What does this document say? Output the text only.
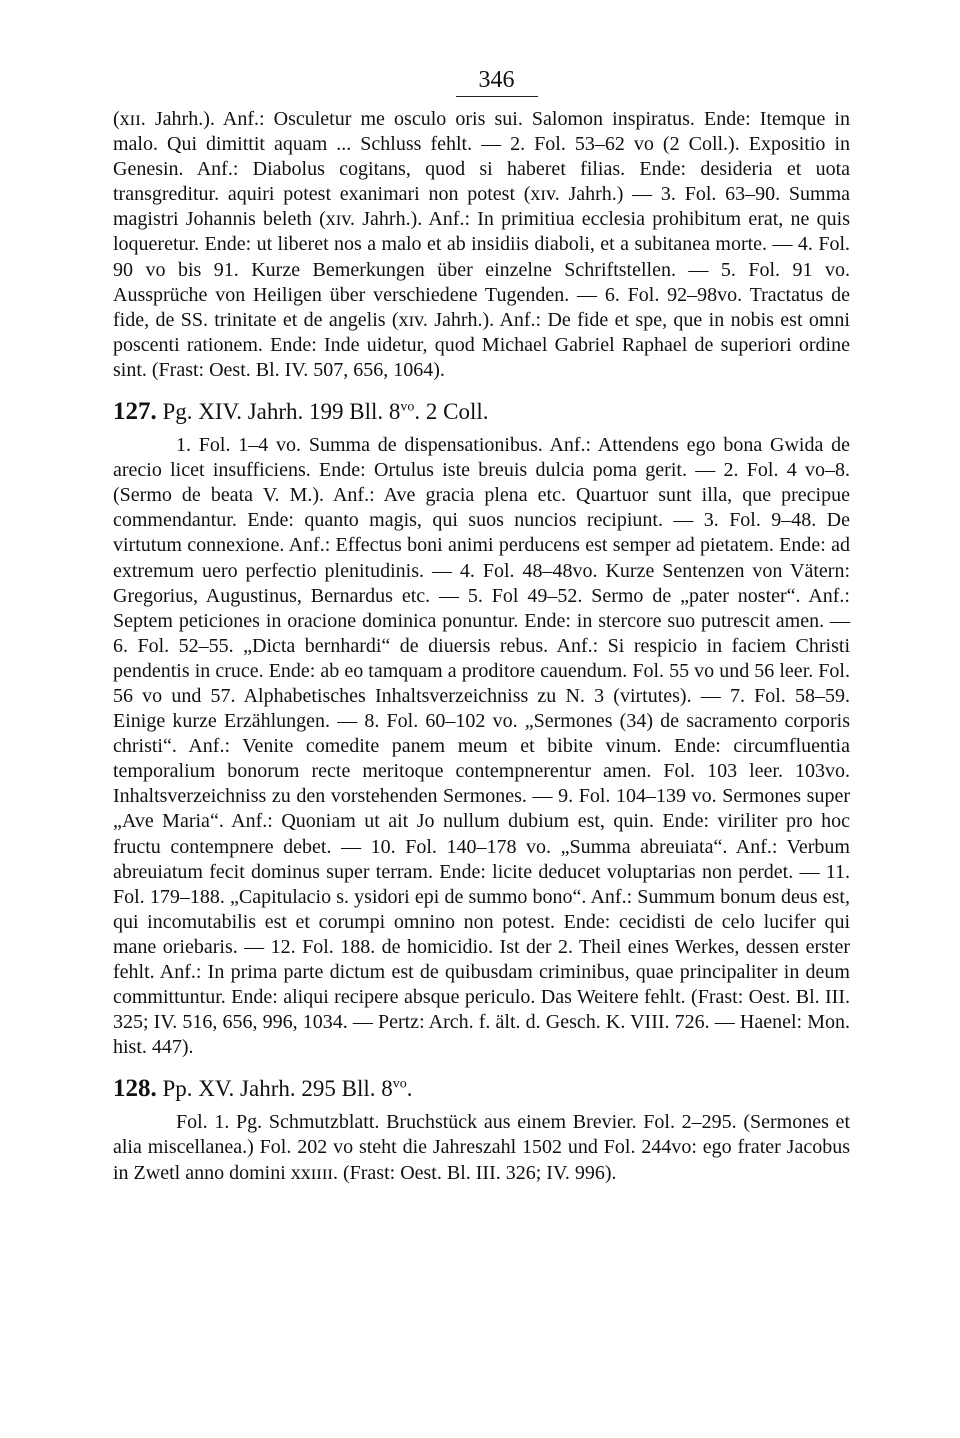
346

(xɪɪ. Jahrh.). Anf.: Osculetur me osculo oris sui. Salomon inspiratus. Ende: Itemque in malo. Qui dimittit aquam ... Schluss fehlt. — 2. Fol. 53–62 vo (2 Coll.). Expositio in Genesin. Anf.: Diabolus cogitans, quod si haberet filias. Ende: desideria et uota transgreditur. aquiri potest exanimari non potest (xɪv. Jahrh.) — 3. Fol. 63–90. Summa magistri Johannis beleth (xɪv. Jahrh.). Anf.: In primitiua ecclesia prohibitum erat, ne quis loqueretur. Ende: ut liberet nos a malo et ab insidiis diaboli, et a subitanea morte. — 4. Fol. 90 vo bis 91. Kurze Bemerkungen über einzelne Schriftstellen. — 5. Fol. 91 vo. Aussprüche von Heiligen über verschiedene Tugenden. — 6. Fol. 92–98vo. Tractatus de fide, de SS. trinitate et de angelis (xɪv. Jahrh.). Anf.: De fide et spe, que in nobis est omni poscenti rationem. Ende: Inde uidetur, quod Michael Gabriel Raphael de superiori ordine sint. (Frast: Oest. Bl. IV. 507, 656, 1064).

127. Pg. XIV. Jahrh. 199 Bll. $8^{vo}$. 2 Coll.

1. Fol. 1–4 vo. Summa de dispensationibus. Anf.: Attendens ego bona Gwida de arecio licet insufficiens. Ende: Ortulus iste breuis dulcia poma gerit. — 2. Fol. 4 vo–8. (Sermo de beata V. M.). Anf.: Ave gracia plena etc. Quartuor sunt illa, que precipue commendantur. Ende: quanto magis, qui suos nuncios recipiunt. — 3. Fol. 9–48. De virtutum connexione. Anf.: Effectus boni animi perducens est semper ad pietatem. Ende: ad extremum uero perfectio plenitudinis. — 4. Fol. 48–48vo. Kurze Sentenzen von Vätern: Gregorius, Augustinus, Bernardus etc. — 5. Fol 49–52. Sermo de „pater noster“. Anf.: Septem peticiones in oracione dominica ponuntur. Ende: in stercore suo putrescit amen. — 6. Fol. 52–55. „Dicta bernhardi“ de diuersis rebus. Anf.: Si respicio in faciem Christi pendentis in cruce. Ende: ab eo tamquam a proditore cauendum. Fol. 55 vo und 56 leer. Fol. 56 vo und 57. Alphabetisches Inhaltsverzeichniss zu N. 3 (virtutes). — 7. Fol. 58–59. Einige kurze Erzählungen. — 8. Fol. 60–102 vo. „Sermones (34) de sacramento corporis christi“. Anf.: Venite comedite panem meum et bibite vinum. Ende: circumfluentia temporalium bonorum recte meritoque contempnerentur amen. Fol. 103 leer. 103vo. Inhaltsverzeichniss zu den vorstehenden Sermones. — 9. Fol. 104–139 vo. Sermones super „Ave Maria“. Anf.: Quoniam ut ait Jo nullum dubium est, quin. Ende: viriliter pro hoc fructu contempnere debet. — 10. Fol. 140–178 vo. „Summa abreuiata“. Anf.: Verbum abreuiatum fecit dominus super terram. Ende: licite deducet voluptarias non perdet. — 11. Fol. 179–188. „Capitulacio s. ysidori epi de summo bono“. Anf.: Summum bonum deus est, qui incomutabilis est et corumpi omnino non potest. Ende: cecidisti de celo lucifer qui mane oriebaris. — 12. Fol. 188. de homicidio. Ist der 2. Theil eines Werkes, dessen erster fehlt. Anf.: In prima parte dictum est de quibusdam criminibus, quae principaliter in deum committuntur. Ende: aliqui recipere absque periculo. Das Weitere fehlt. (Frast: Oest. Bl. III. 325; IV. 516, 656, 996, 1034. — Pertz: Arch. f. ält. d. Gesch. K. VIII. 726. — Haenel: Mon. hist. 447).

128. Pp. XV. Jahrh. 295 Bll. $8^{vo}$.

Fol. 1. Pg. Schmutzblatt. Bruchstück aus einem Brevier. Fol. 2–295. (Sermones et alia miscellanea.) Fol. 202 vo steht die Jahreszahl 1502 und Fol. 244vo: ego frater Jacobus in Zwetl anno domini xxɪɪɪɪ. (Frast: Oest. Bl. III. 326; IV. 996).
